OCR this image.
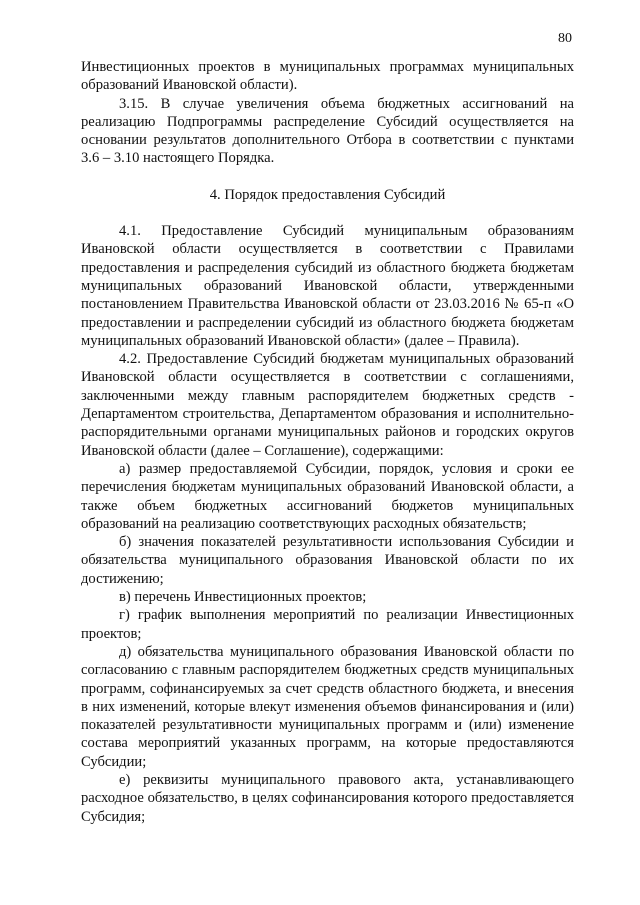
80

Инвестиционных проектов в муниципальных программах муниципальных образований Ивановской области).

3.15. В случае увеличения объема бюджетных ассигнований на реализацию Подпрограммы распределение Субсидий осуществляется на основании результатов дополнительного Отбора в соответствии с пунктами 3.6 – 3.10 настоящего Порядка.

4. Порядок предоставления Субсидий

4.1. Предоставление Субсидий муниципальным образованиям Ивановской области осуществляется в соответствии с Правилами предоставления и распределения субсидий из областного бюджета бюджетам муниципальных образований Ивановской области, утвержденными постановлением Правительства Ивановской области от 23.03.2016 № 65-п «О предоставлении и распределении субсидий из областного бюджета бюджетам муниципальных образований Ивановской области» (далее – Правила).

4.2. Предоставление Субсидий бюджетам муниципальных образований Ивановской области осуществляется в соответствии с соглашениями, заключенными между главным распорядителем бюджетных средств - Департаментом строительства, Департаментом образования и исполнительно-распорядительными органами муниципальных районов и городских округов Ивановской области (далее – Соглашение), содержащими:

а) размер предоставляемой Субсидии, порядок, условия и сроки ее перечисления бюджетам муниципальных образований Ивановской области, а также объем бюджетных ассигнований бюджетов муниципальных образований на реализацию соответствующих расходных обязательств;

б) значения показателей результативности использования Субсидии и обязательства муниципального образования Ивановской области по их достижению;

в) перечень Инвестиционных проектов;

г) график выполнения мероприятий по реализации Инвестиционных проектов;

д) обязательства муниципального образования Ивановской области по согласованию с главным распорядителем бюджетных средств муниципальных программ, софинансируемых за счет средств областного бюджета, и внесения в них изменений, которые влекут изменения объемов финансирования и (или) показателей результативности муниципальных программ и (или) изменение состава мероприятий указанных программ, на которые предоставляются Субсидии;

е) реквизиты муниципального правового акта, устанавливающего расходное обязательство, в целях софинансирования которого предоставляется Субсидия;
